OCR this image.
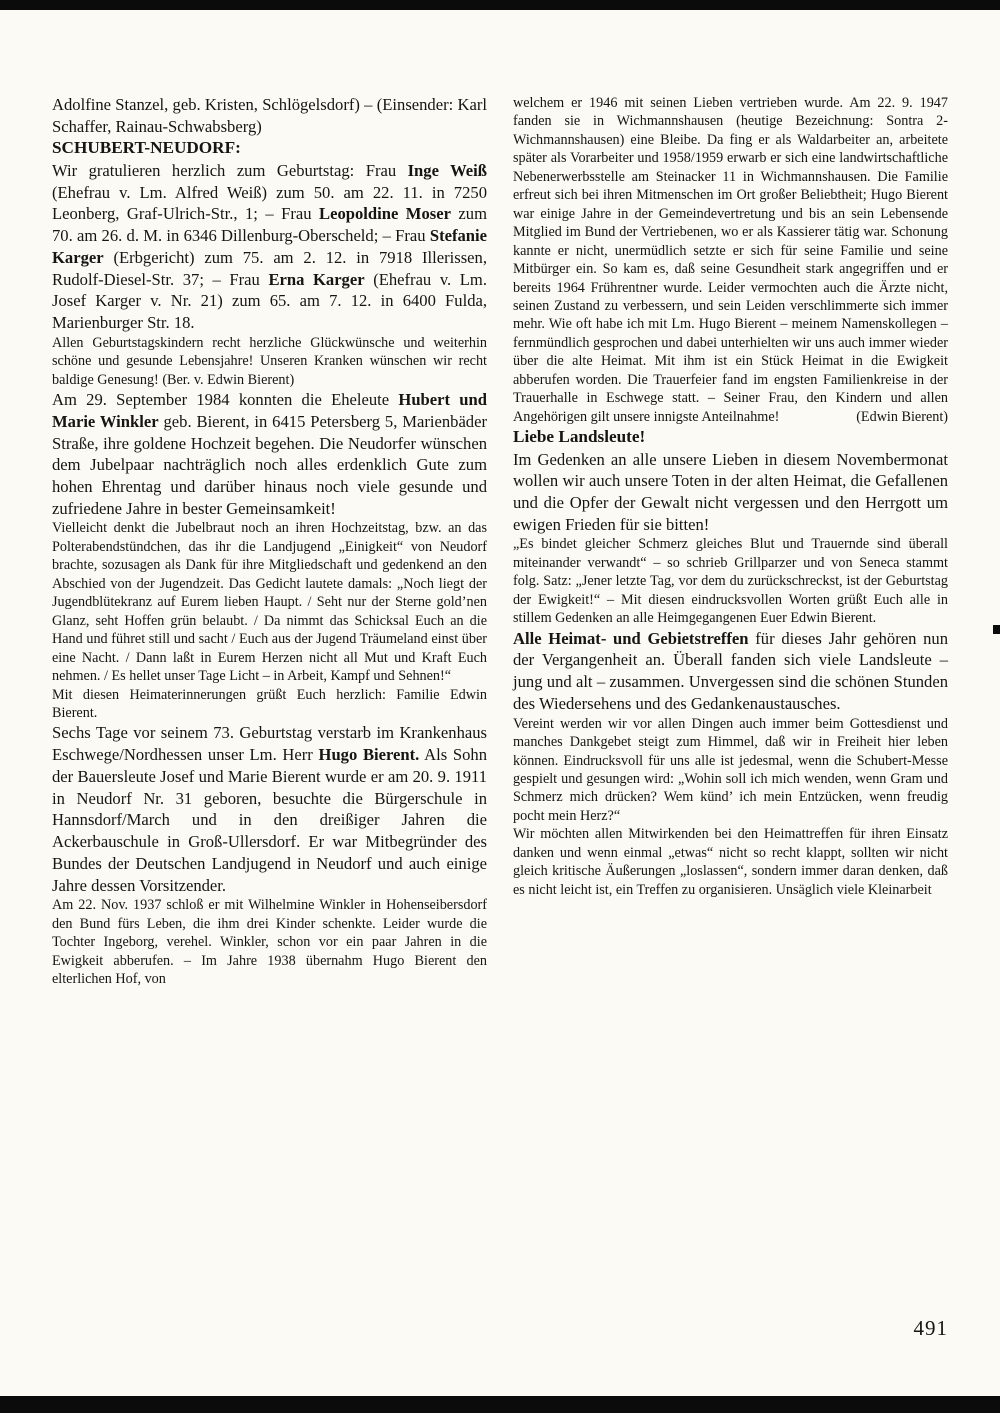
Adolfine Stanzel, geb. Kristen, Schlögelsdorf) – (Einsender: Karl Schaffer, Rainau-Schwabsberg)

SCHUBERT-NEUDORF:

Wir gratulieren herzlich zum Geburtstag: Frau Inge Weiß (Ehefrau v. Lm. Alfred Weiß) zum 50. am 22. 11. in 7250 Leonberg, Graf-Ulrich-Str., 1; – Frau Leopoldine Moser zum 70. am 26. d. M. in 6346 Dillenburg-Oberscheld; – Frau Stefanie Karger (Erbgericht) zum 75. am 2. 12. in 7918 Illerissen, Rudolf-Diesel-Str. 37; – Frau Erna Karger (Ehefrau v. Lm. Josef Karger v. Nr. 21) zum 65. am 7. 12. in 6400 Fulda, Marienburger Str. 18.

Allen Geburtstagskindern recht herzliche Glückwünsche und weiterhin schöne und gesunde Lebensjahre! Unseren Kranken wünschen wir recht baldige Genesung! (Ber. v. Edwin Bierent)

Am 29. September 1984 konnten die Eheleute Hubert und Marie Winkler geb. Bierent, in 6415 Petersberg 5, Marienbäder Straße, ihre goldene Hochzeit begehen. Die Neudorfer wünschen dem Jubelpaar nachträglich noch alles erdenklich Gute zum hohen Ehrentag und darüber hinaus noch viele gesunde und zufriedene Jahre in bester Gemeinsamkeit!

Vielleicht denkt die Jubelbraut noch an ihren Hochzeitstag, bzw. an das Polterabendstündchen, das ihr die Landjugend „Einigkeit“ von Neudorf brachte, sozusagen als Dank für ihre Mitgliedschaft und gedenkend an den Abschied von der Jugendzeit. Das Gedicht lautete damals: „Noch liegt der Jugendblütekranz auf Eurem lieben Haupt. / Seht nur der Sterne gold’nen Glanz, seht Hoffen grün belaubt. / Da nimmt das Schicksal Euch an die Hand und führet still und sacht / Euch aus der Jugend Träumeland einst über eine Nacht. / Dann laßt in Eurem Herzen nicht all Mut und Kraft Euch nehmen. / Es hellet unser Tage Licht – in Arbeit, Kampf und Sehnen!“

Mit diesen Heimaterinnerungen grüßt Euch herzlich: Familie Edwin Bierent.

Sechs Tage vor seinem 73. Geburtstag verstarb im Krankenhaus Eschwege/Nordhessen unser Lm. Herr Hugo Bierent. Als Sohn der Bauersleute Josef und Marie Bierent wurde er am 20. 9. 1911 in Neudorf Nr. 31 geboren, besuchte die Bürgerschule in Hannsdorf/March und in den dreißiger Jahren die Ackerbauschule in Groß-Ullersdorf. Er war Mitbegründer des Bundes der Deutschen Landjugend in Neudorf und auch einige Jahre dessen Vorsitzender.

Am 22. Nov. 1937 schloß er mit Wilhelmine Winkler in Hohenseibersdorf den Bund fürs Leben, die ihm drei Kinder schenkte. Leider wurde die Tochter Ingeborg, verehel. Winkler, schon vor ein paar Jahren in die Ewigkeit abberufen. – Im Jahre 1938 übernahm Hugo Bierent den elterlichen Hof, von

welchem er 1946 mit seinen Lieben vertrieben wurde. Am 22. 9. 1947 fanden sie in Wichmannshausen (heutige Bezeichnung: Sontra 2-Wichmannshausen) eine Bleibe. Da fing er als Waldarbeiter an, arbeitete später als Vorarbeiter und 1958/1959 erwarb er sich eine landwirtschaftliche Nebenerwerbsstelle am Steinacker 11 in Wichmannshausen. Die Familie erfreut sich bei ihren Mitmenschen im Ort großer Beliebtheit; Hugo Bierent war einige Jahre in der Gemeindevertretung und bis an sein Lebensende Mitglied im Bund der Vertriebenen, wo er als Kassierer tätig war. Schonung kannte er nicht, unermüdlich setzte er sich für seine Familie und seine Mitbürger ein. So kam es, daß seine Gesundheit stark angegriffen und er bereits 1964 Frührentner wurde. Leider vermochten auch die Ärzte nicht, seinen Zustand zu verbessern, und sein Leiden verschlimmerte sich immer mehr. Wie oft habe ich mit Lm. Hugo Bierent – meinem Namenskollegen – fernmündlich gesprochen und dabei unterhielten wir uns auch immer wieder über die alte Heimat. Mit ihm ist ein Stück Heimat in die Ewigkeit abberufen worden. Die Trauerfeier fand im engsten Familienkreise in der Trauerhalle in Eschwege statt. – Seiner Frau, den Kindern und allen Angehörigen gilt unsere innigste Anteilnahme!	(Edwin Bierent)

Liebe Landsleute!

Im Gedenken an alle unsere Lieben in diesem Novembermonat wollen wir auch unsere Toten in der alten Heimat, die Gefallenen und die Opfer der Gewalt nicht vergessen und den Herrgott um ewigen Frieden für sie bitten!

„Es bindet gleicher Schmerz gleiches Blut und Trauernde sind überall miteinander verwandt“ – so schrieb Grillparzer und von Seneca stammt folg. Satz: „Jener letzte Tag, vor dem du zurückschreckst, ist der Geburtstag der Ewigkeit!“ – Mit diesen eindrucksvollen Worten grüßt Euch alle in stillem Gedenken an alle Heimgegangenen Euer Edwin Bierent.

Alle Heimat- und Gebietstreffen für dieses Jahr gehören nun der Vergangenheit an. Überall fanden sich viele Landsleute – jung und alt – zusammen. Unvergessen sind die schönen Stunden des Wiedersehens und des Gedankenaustausches.

Vereint werden wir vor allen Dingen auch immer beim Gottesdienst und manches Dankgebet steigt zum Himmel, daß wir in Freiheit hier leben können. Eindrucksvoll für uns alle ist jedesmal, wenn die Schubert-Messe gespielt und gesungen wird: „Wohin soll ich mich wenden, wenn Gram und Schmerz mich drücken? Wem künd’ ich mein Entzücken, wenn freudig pocht mein Herz?“

Wir möchten allen Mitwirkenden bei den Heimattreffen für ihren Einsatz danken und wenn einmal „etwas“ nicht so recht klappt, sollten wir nicht gleich kritische Äußerungen „loslassen“, sondern immer daran denken, daß es nicht leicht ist, ein Treffen zu organisieren. Unsäglich viele Kleinarbeit

491
